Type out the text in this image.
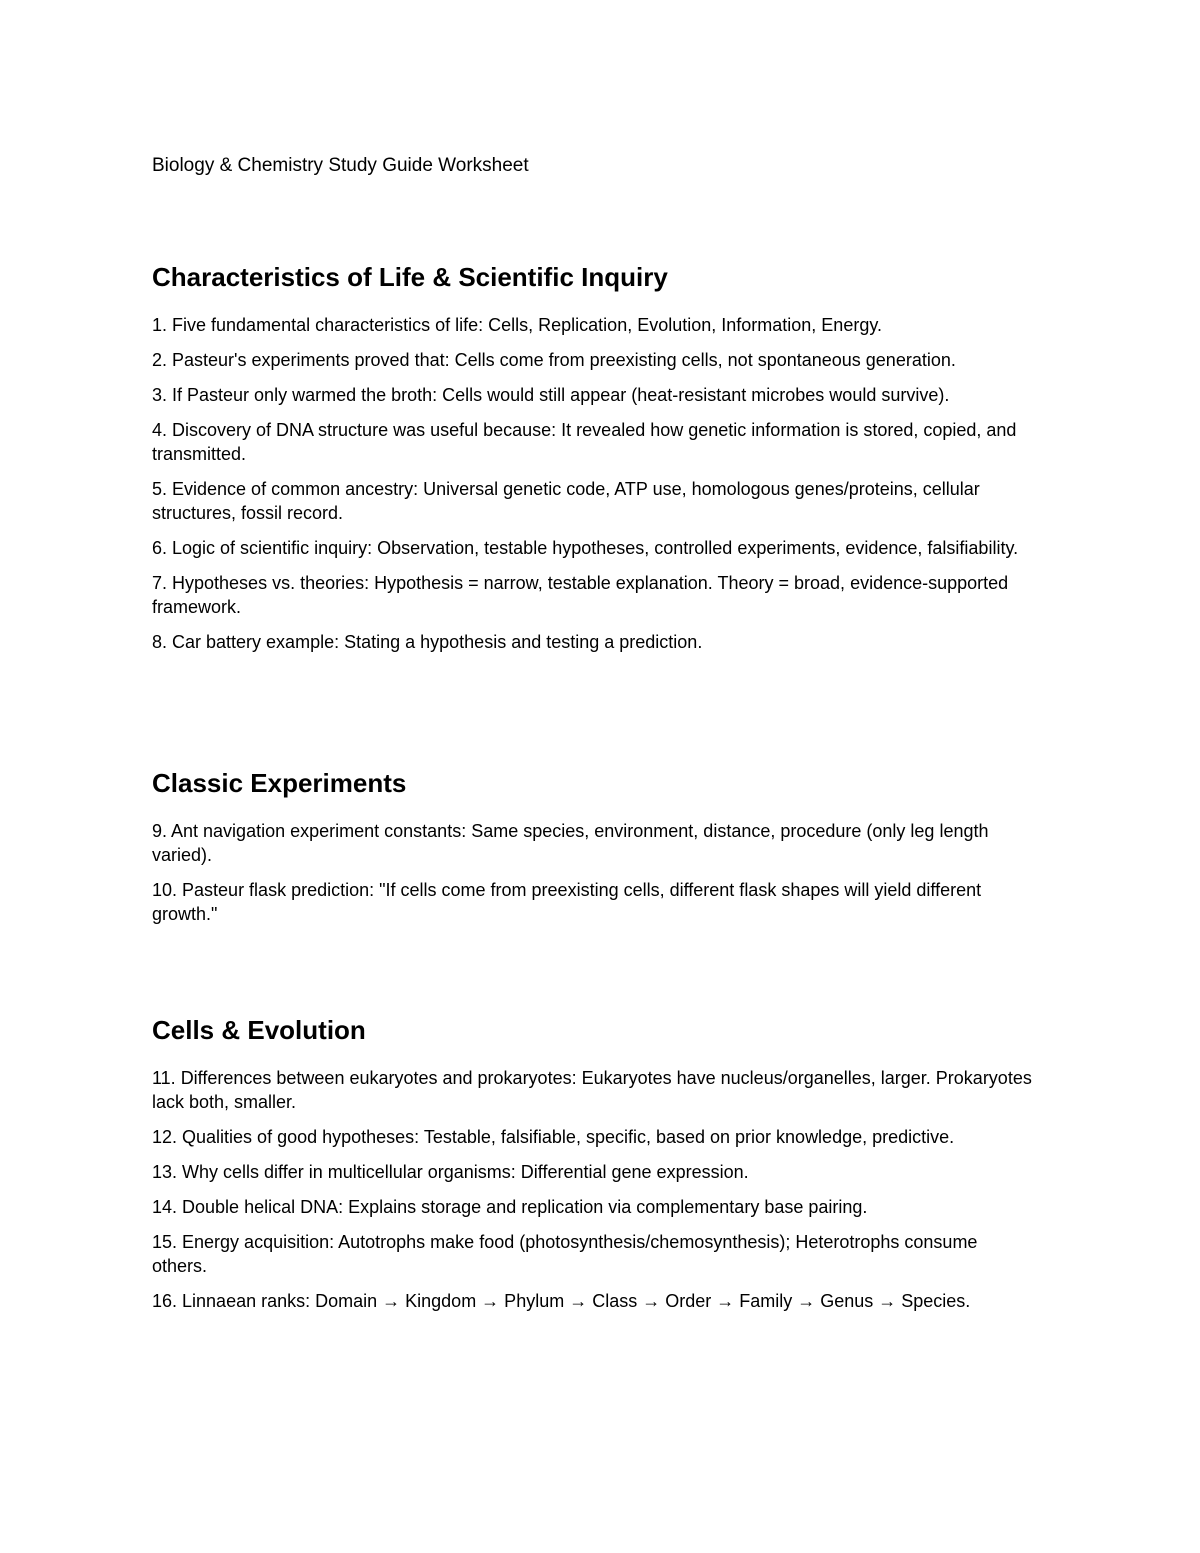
Biology & Chemistry Study Guide Worksheet
Characteristics of Life & Scientific Inquiry

1. Five fundamental characteristics of life: Cells, Replication, Evolution, Information, Energy.

2. Pasteur's experiments proved that: Cells come from preexisting cells, not spontaneous generation.

3. If Pasteur only warmed the broth: Cells would still appear (heat-resistant microbes would survive).

4. Discovery of DNA structure was useful because: It revealed how genetic information is stored, copied, and transmitted.

5. Evidence of common ancestry: Universal genetic code, ATP use, homologous genes/proteins, cellular structures, fossil record.

6. Logic of scientific inquiry: Observation, testable hypotheses, controlled experiments, evidence, falsifiability.

7. Hypotheses vs. theories: Hypothesis = narrow, testable explanation. Theory = broad, evidence-supported framework.

8. Car battery example: Stating a hypothesis and testing a prediction.

Classic Experiments

9. Ant navigation experiment constants: Same species, environment, distance, procedure (only leg length varied).

10. Pasteur flask prediction: "If cells come from preexisting cells, different flask shapes will yield different growth."

Cells & Evolution

11. Differences between eukaryotes and prokaryotes: Eukaryotes have nucleus/organelles, larger. Prokaryotes lack both, smaller.

12. Qualities of good hypotheses: Testable, falsifiable, specific, based on prior knowledge, predictive.

13. Why cells differ in multicellular organisms: Differential gene expression.

14. Double helical DNA: Explains storage and replication via complementary base pairing.

15. Energy acquisition: Autotrophs make food (photosynthesis/chemosynthesis); Heterotrophs consume others.

16. Linnaean ranks: Domain → Kingdom → Phylum → Class → Order → Family → Genus → Species.
